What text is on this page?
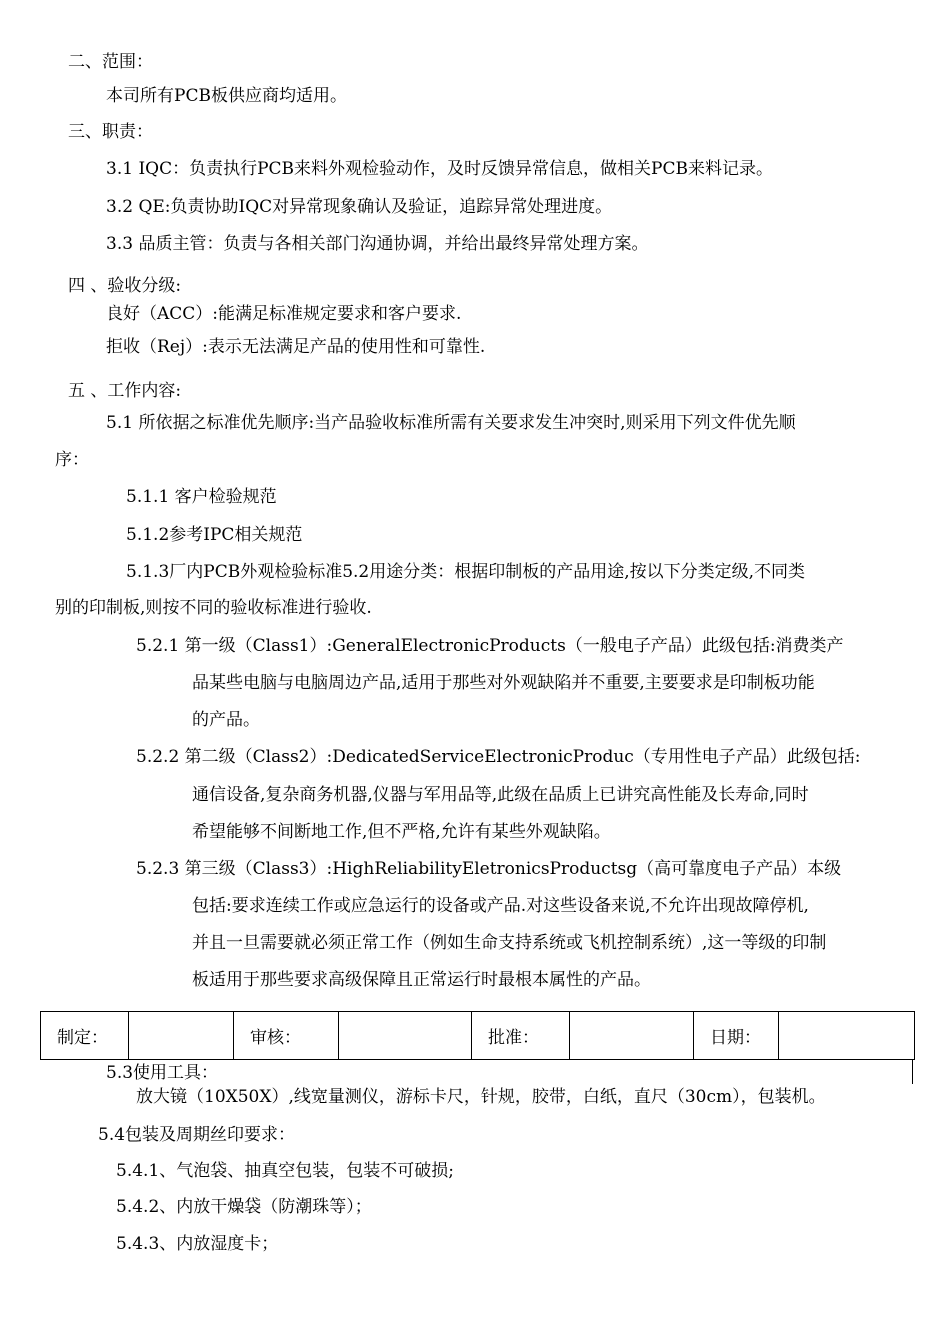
二、范围：
本司所有PCB板供应商均适用。
三、职责：
3.1 IQC：负责执行PCB来料外观检验动作，及时反馈异常信息，做相关PCB来料记录。
3.2 QE:负责协助IQC对异常现象确认及验证，追踪异常处理进度。
3.3 品质主管：负责与各相关部门沟通协调，并给出最终异常处理方案。
四 、验收分级:
良好（ACC）:能满足标准规定要求和客户要求.
拒收（Rej）:表示无法满足产品的使用性和可靠性.
五 、工作内容:
5.1 所依据之标准优先顺序:当产品验收标准所需有关要求发生冲突时,则采用下列文件优先顺
序：
5.1.1 客户检验规范
5.1.2参考IPC相关规范
5.1.3厂内PCB外观检验标准5.2用途分类：根据印制板的产品用途,按以下分类定级,不同类
别的印制板,则按不同的验收标准进行验收.
5.2.1 第一级（Class1）:GeneralElectronicProducts（一般电子产品）此级包括:消费类产
品某些电脑与电脑周边产品,适用于那些对外观缺陷并不重要,主要要求是印制板功能
的产品。
5.2.2 第二级（Class2）:DedicatedServiceElectronicProduc（专用性电子产品）此级包括:
通信设备,复杂商务机器,仪器与军用品等,此级在品质上已讲究高性能及长寿命,同时
希望能够不间断地工作,但不严格,允许有某些外观缺陷。
5.2.3 第三级（Class3）:HighReliabilityEletronicsProductsg（高可靠度电子产品）本级
包括:要求连续工作或应急运行的设备或产品.对这些设备来说,不允许出现故障停机,
并且一旦需要就必须正常工作（例如生命支持系统或飞机控制系统）,这一等级的印制
板适用于那些要求高级保障且正常运行时最根本属性的产品。
制定：		审核：		批准：		日期：	
5.3使用工具：
放大镜（10X50X）,线宽量测仪，游标卡尺，针规，胶带，白纸，直尺（30cm），包装机。
5.4包装及周期丝印要求：
5.4.1、气泡袋、抽真空包装，包装不可破损;
5.4.2、内放干燥袋（防潮珠等）；
5.4.3、内放湿度卡；
